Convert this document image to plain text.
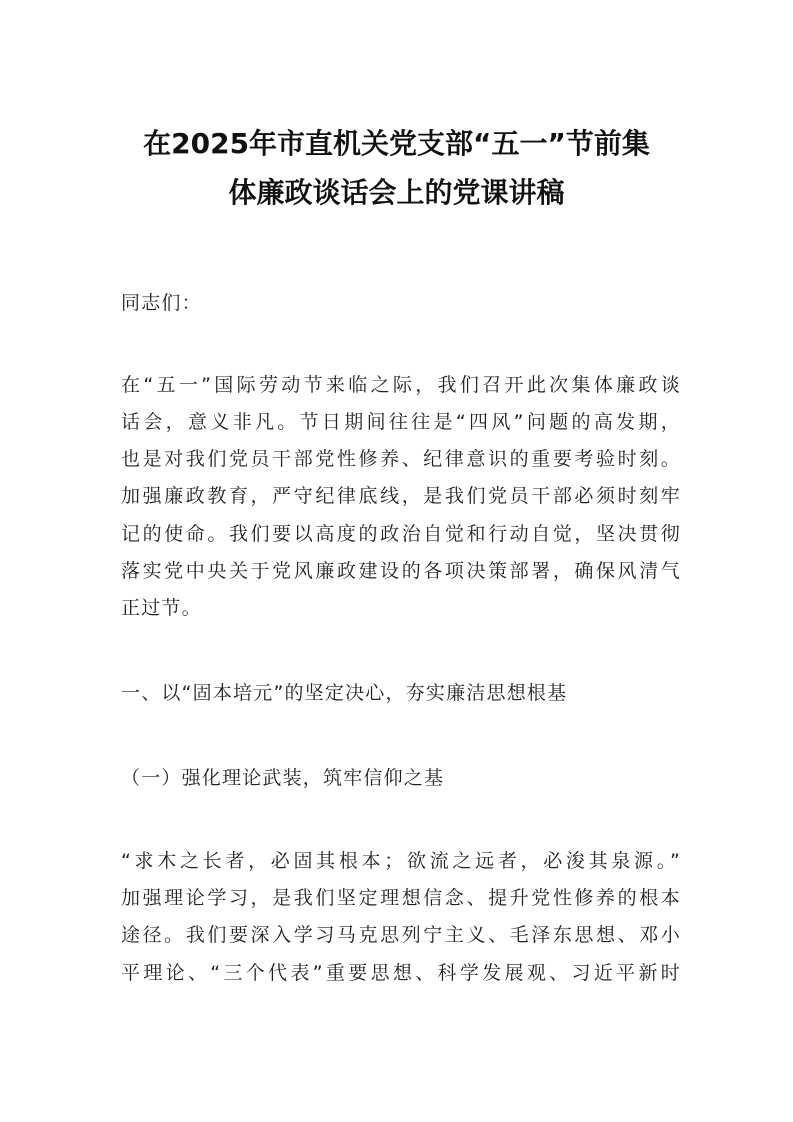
在2025年市直机关党支部“五一”节前集
体廉政谈话会上的党课讲稿
同志们：
在“五一”国际劳动节来临之际，我们召开此次集体廉政谈
话会，意义非凡。节日期间往往是“四风”问题的高发期，
也是对我们党员干部党性修养、纪律意识的重要考验时刻。
加强廉政教育，严守纪律底线，是我们党员干部必须时刻牢
记的使命。我们要以高度的政治自觉和行动自觉，坚决贯彻
落实党中央关于党风廉政建设的各项决策部署，确保风清气
正过节。
一、以“固本培元”的坚定决心，夯实廉洁思想根基
（一）强化理论武装，筑牢信仰之基
“求木之长者，必固其根本；欲流之远者，必浚其泉源。”
加强理论学习，是我们坚定理想信念、提升党性修养的根本
途径。我们要深入学习马克思列宁主义、毛泽东思想、邓小
平理论、“三个代表”重要思想、科学发展观、习近平新时
